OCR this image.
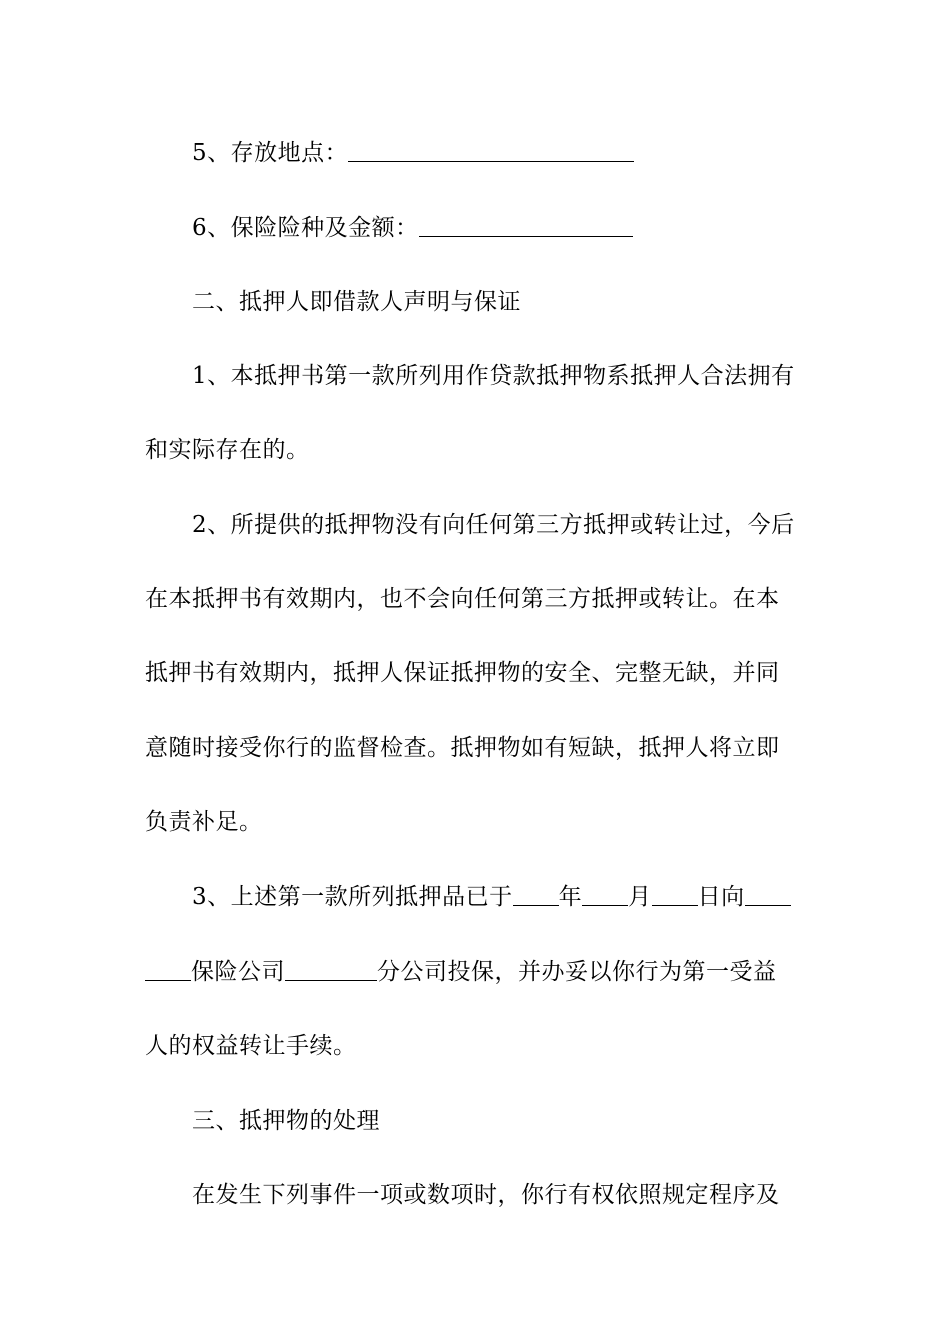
5、存放地点：
6、保险险种及金额：
二、抵押人即借款人声明与保证
1、本抵押书第一款所列用作贷款抵押物系抵押人合法拥有
和实际存在的。
2、所提供的抵押物没有向任何第三方抵押或转让过，今后
在本抵押书有效期内，也不会向任何第三方抵押或转让。在本
抵押书有效期内，抵押人保证抵押物的安全、完整无缺，并同
意随时接受你行的监督检查。抵押物如有短缺，抵押人将立即
负责补足。
3、上述第一款所列抵押品已于 年 月 日向
保险公司	分公司投保，并办妥以你行为第一受益
人的权益转让手续。
三、抵押物的处理
在发生下列事件一项或数项时，你行有权依照规定程序及
